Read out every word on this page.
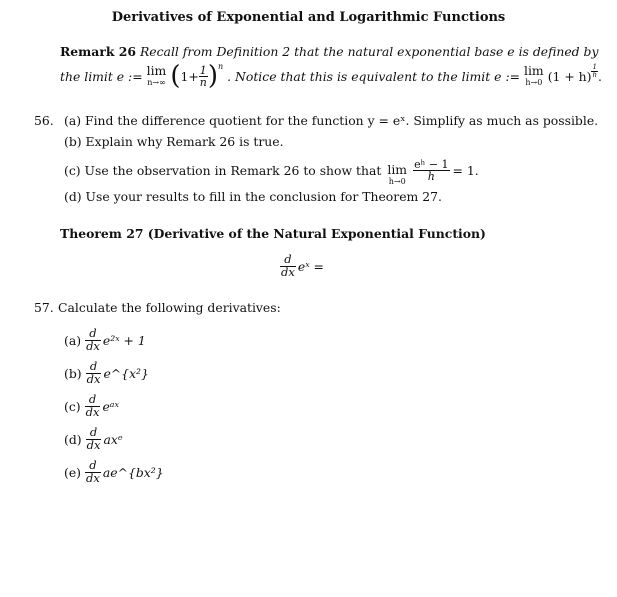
Derivatives of Exponential and Logarithmic Functions
Remark 26 Recall from Definition 2 that the natural exponential base e is defined by
the limit e := lim
n→∞ ( $1+ \frac{1}{n} )^n$
. Notice that this is equivalent to the limit e := lim
h→0 (1 + h) $^{\frac{1}{h}}$ .
56. (a) Find the difference quotient for the function y = eˣ. Simplify as much as possible.
(b) Explain why Remark 26 is true.
(c) Use the observation in Remark 26 to show that lim
h→0
$\frac{\text{eʰ − 1}}{h} = 1$.
(d) Use your results to fill in the conclusion for Theorem 27.
Theorem 27 (Derivative of the Natural Exponential Function)
d
dx eˣ =
57. Calculate the following derivatives:
(a) d
dx e²ˣ + 1
(b) d
dx e^{x²}
(c) d
dx eᵃˣ
(d) d
dx axᵉ
(e) d
dx ae^{bx²}
